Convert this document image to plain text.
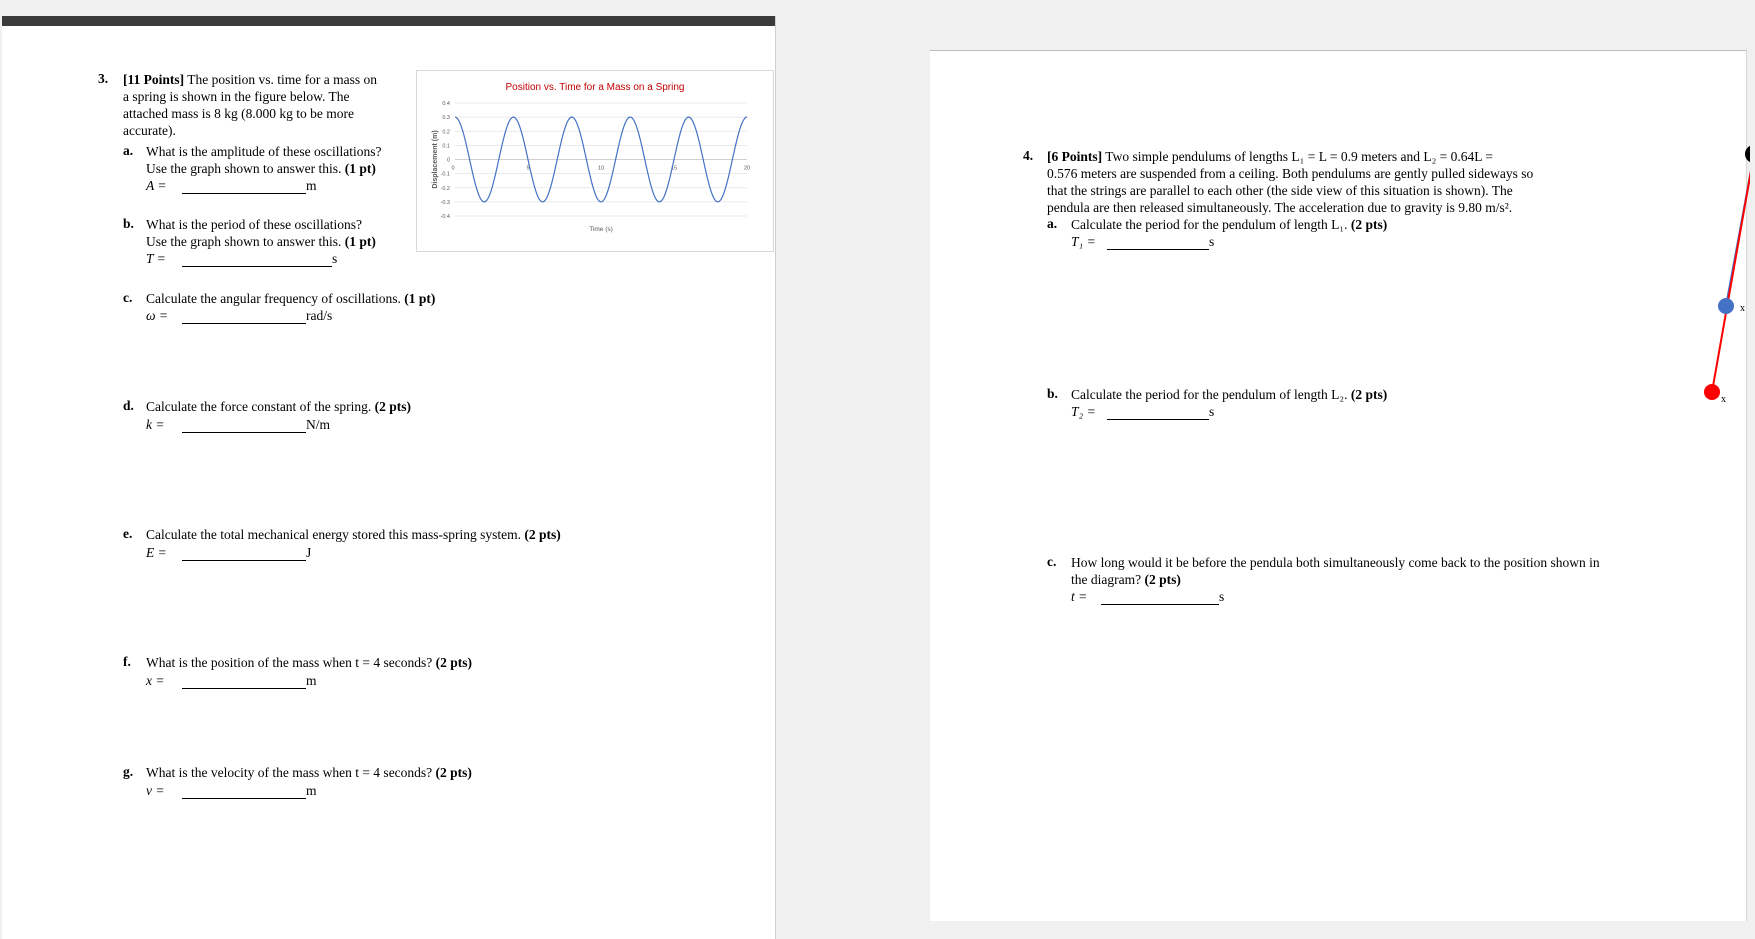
3. [11 Points] The position vs. time for a mass on
a spring is shown in the figure below. The
attached mass is 8 kg (8.000 kg to be more
accurate).
Position vs. Time for a Mass on a Spring
0.4
0.3
0.2
0.1
0
-0.1
-0.2
-0.3
-0.4
0	5	10	15	20
Time (s)
Displacement (m)
a. What is the amplitude of these oscillations?
Use the graph shown to answer this. (1 pt)
A =	m
b. What is the period of these oscillations?
Use the graph shown to answer this. (1 pt)
T =	s
c. Calculate the angular frequency of oscillations. (1 pt)
ω =	rad/s
d. Calculate the force constant of the spring. (2 pts)
k =	N/m
e. Calculate the total mechanical energy stored this mass-spring system. (2 pts)
E =	J
f. What is the position of the mass when t = 4 seconds? (2 pts)
x =	m
g. What is the velocity of the mass when t = 4 seconds? (2 pts)
v =	m
4. [6 Points] Two simple pendulums of lengths L₁ = L = 0.9 meters and L₂ = 0.64L =
0.576 meters are suspended from a ceiling. Both pendulums are gently pulled sideways so
that the strings are parallel to each other (the side view of this situation is shown). The
pendula are then released simultaneously. The acceleration due to gravity is 9.80 m/s².
a. Calculate the period for the pendulum of length L₁. (2 pts)
T₁ =	s
b. Calculate the period for the pendulum of length L₂. (2 pts)
T₂ =	s
c. How long would it be before the pendula both simultaneously come back to the position shown in
the diagram? (2 pts)
t =	s
x
x
